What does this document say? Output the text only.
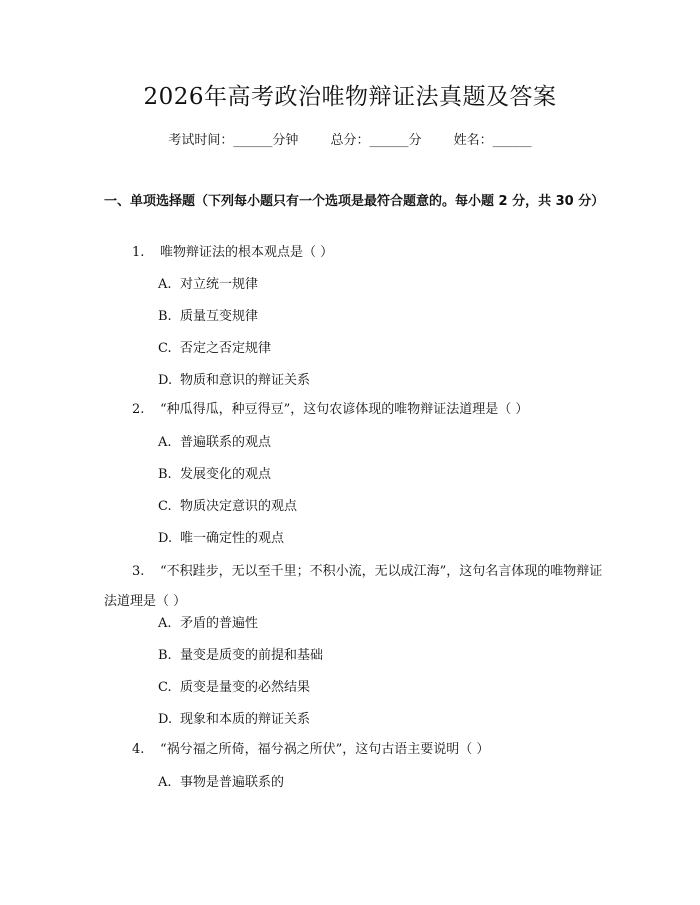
2026年高考政治唯物辩证法真题及答案
考试时间：______分钟 总分：______分 姓名：______
一、单项选择题（下列每小题只有一个选项是最符合题意的。每小题 2 分，共 30 分）
1. 唯物辩证法的根本观点是（ ）
A. 对立统一规律
B. 质量互变规律
C. 否定之否定规律
D. 物质和意识的辩证关系
2. “种瓜得瓜，种豆得豆”，这句农谚体现的唯物辩证法道理是（ ）
A. 普遍联系的观点
B. 发展变化的观点
C. 物质决定意识的观点
D. 唯一确定性的观点
3. “不积跬步，无以至千里；不积小流，无以成江海”，这句名言体现的唯物辩证法道理是（ ）
A. 矛盾的普遍性
B. 量变是质变的前提和基础
C. 质变是量变的必然结果
D. 现象和本质的辩证关系
4. “祸兮福之所倚，福兮祸之所伏”，这句古语主要说明（ ）
A. 事物是普遍联系的
